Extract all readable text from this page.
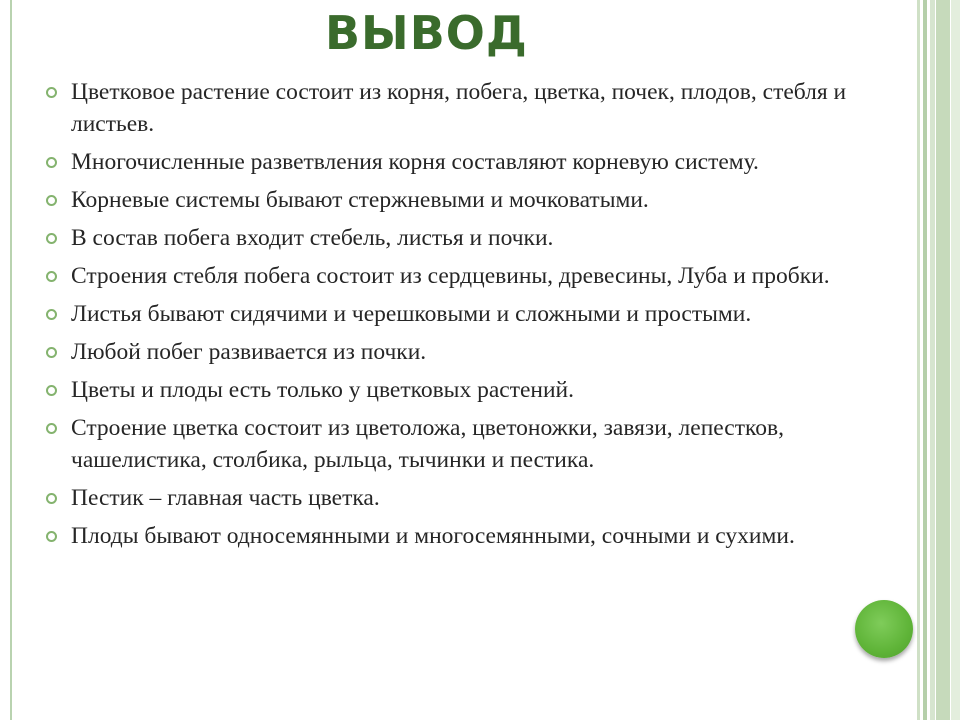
ВЫВОД
Цветковое растение состоит из корня, побега, цветка, почек, плодов, стебля и листьев.
Многочисленные разветвления корня составляют корневую систему.
Корневые системы бывают стержневыми и мочковатыми.
В состав побега входит стебель, листья и почки.
Строения стебля побега состоит из сердцевины, древесины, Луба и пробки.
Листья бывают сидячими и черешковыми и сложными и простыми.
Любой побег развивается из почки.
Цветы и плоды есть только у цветковых растений.
Строение цветка состоит из цветоложа, цветоножки, завязи, лепестков, чашелистика, столбика, рыльца, тычинки и пестика.
Пестик – главная часть цветка.
Плоды бывают односемянными и многосемянными, сочными и сухими.
